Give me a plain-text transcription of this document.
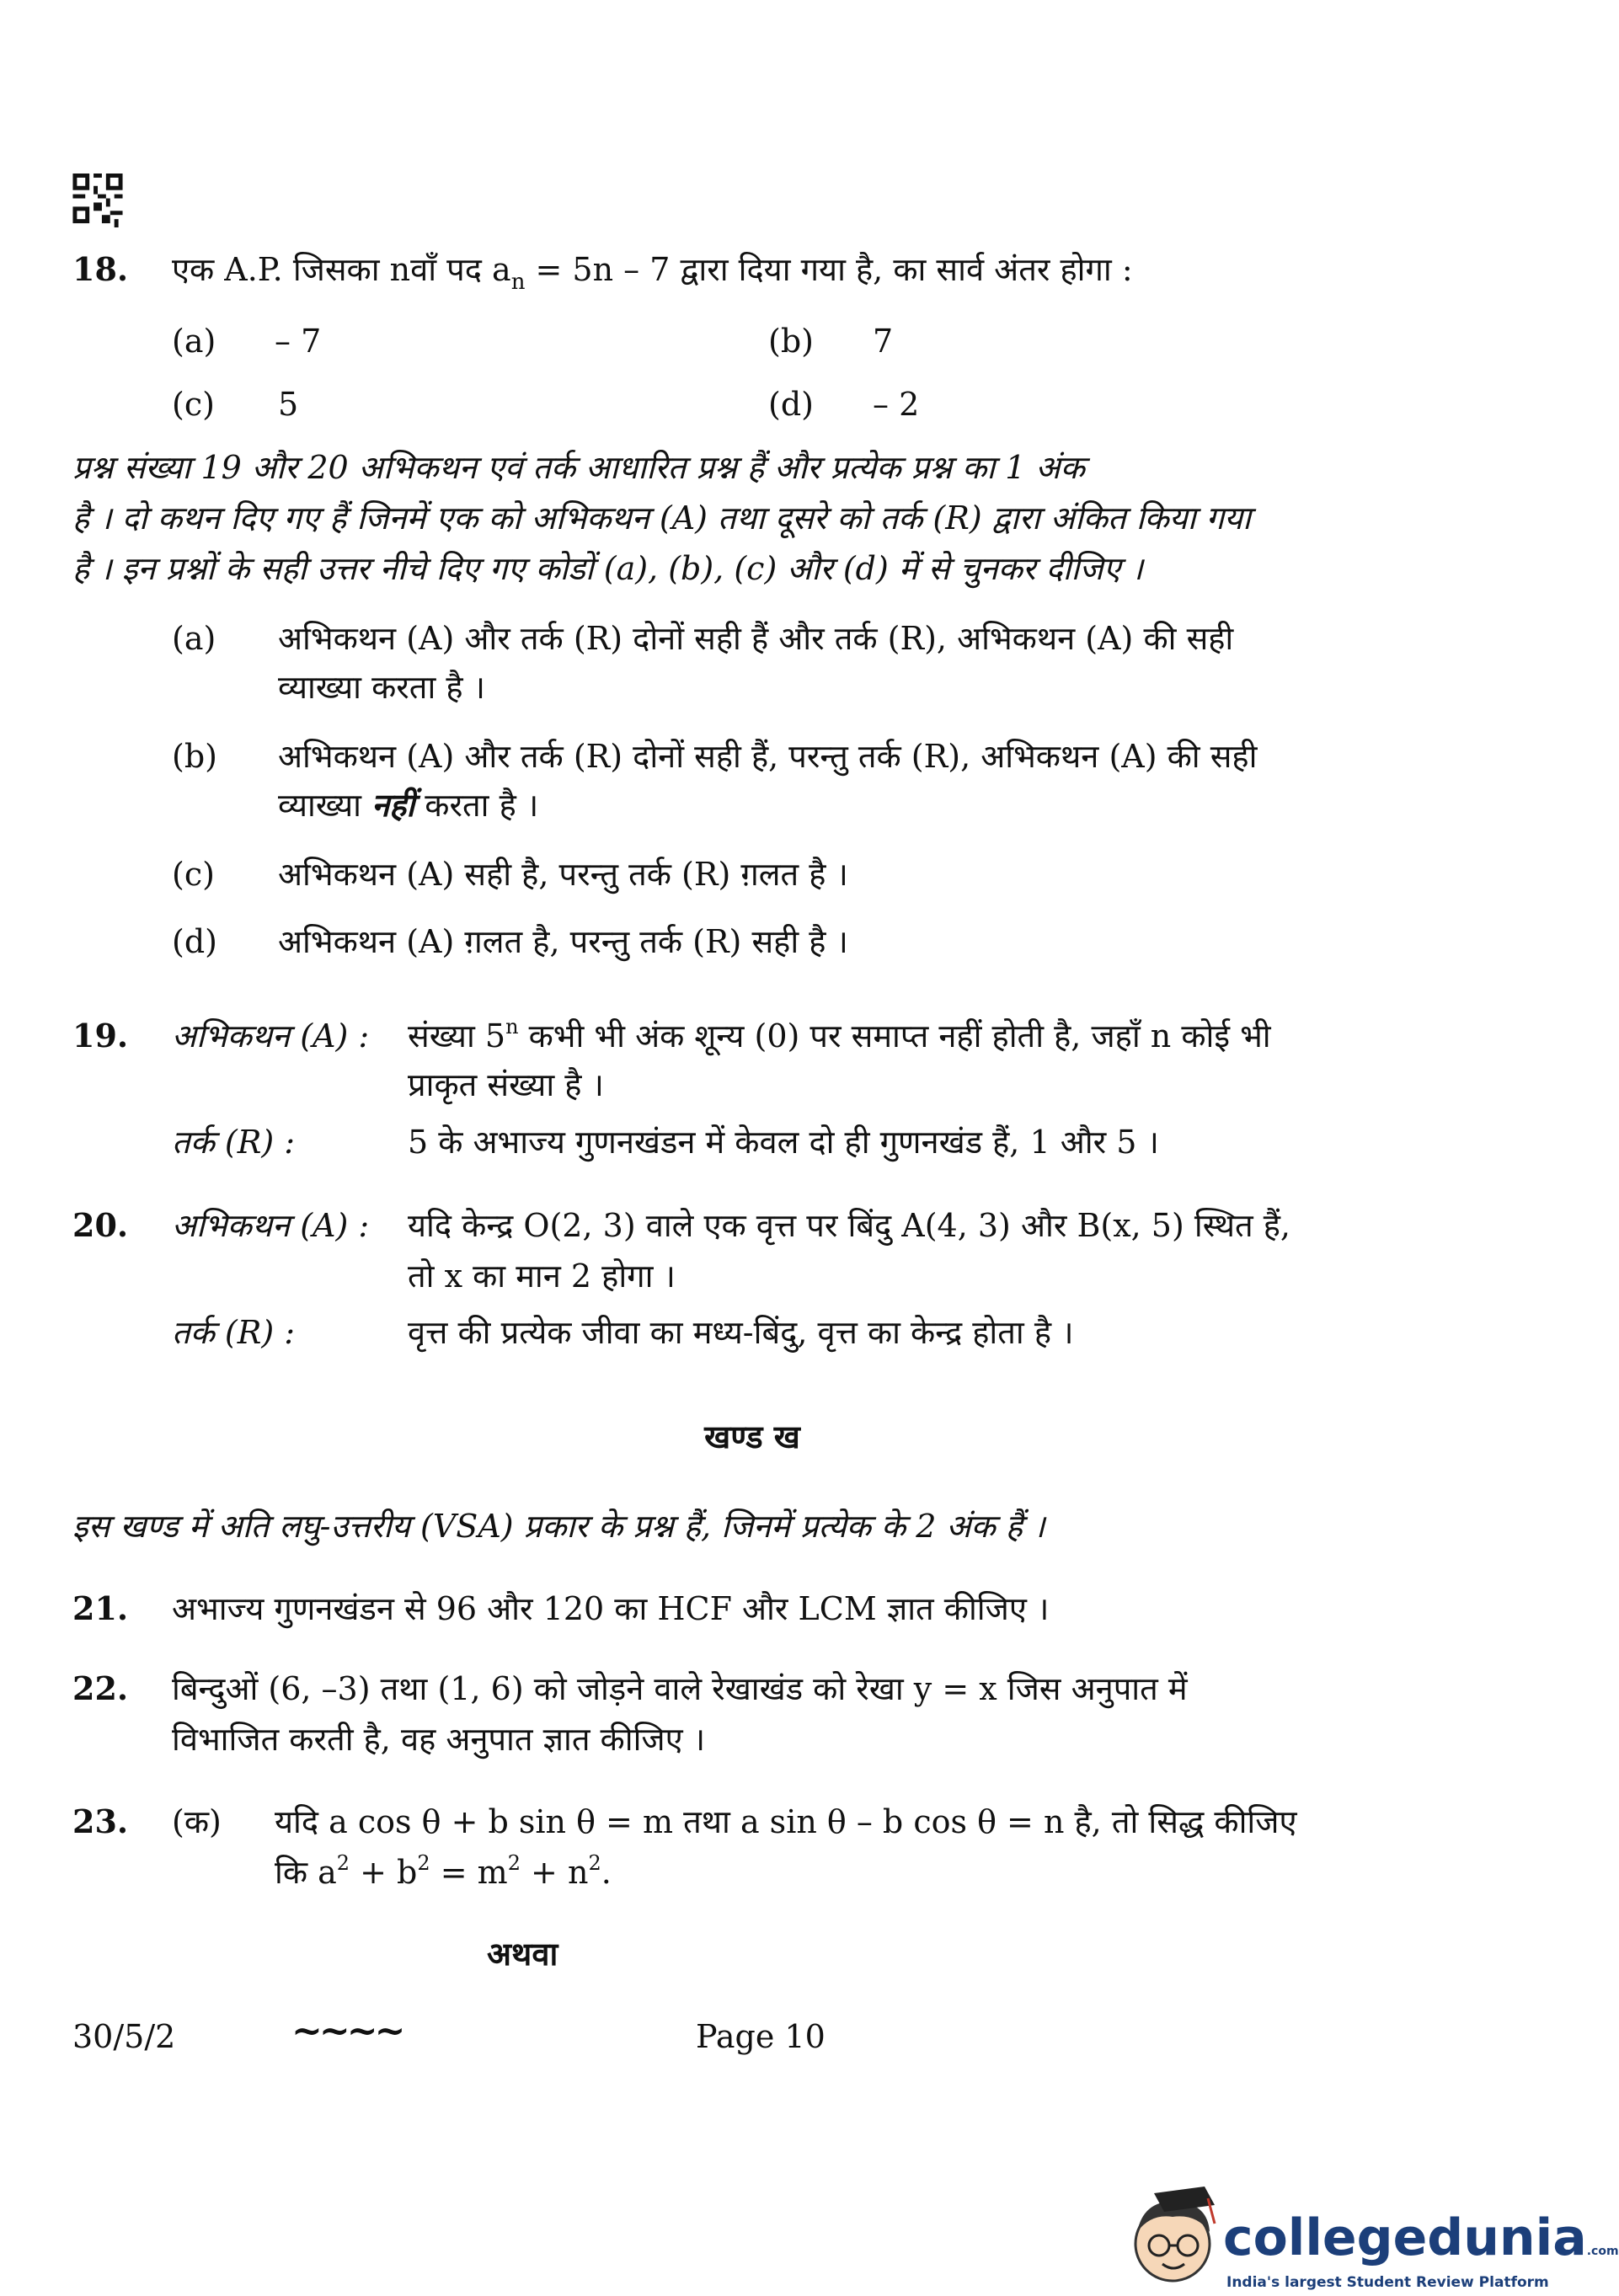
18. एक A.P. जिसका nवाँ पद $a_n = 5n - 7$ द्वारा दिया गया है, का सार्व अंतर होगा :
(a) – 7	(b) 7
(c) 5	(d) – 2
प्रश्न संख्या 19 और 20 अभिकथन एवं तर्क आधारित प्रश्न हैं और प्रत्येक प्रश्न का 1 अंक
है । दो कथन दिए गए हैं जिनमें एक को अभिकथन (A) तथा दूसरे को तर्क (R) द्वारा अंकित किया गया
है । इन प्रश्नों के सही उत्तर नीचे दिए गए कोडों (a), (b), (c) और (d) में से चुनकर दीजिए ।
(a) अभिकथन (A) और तर्क (R) दोनों सही हैं और तर्क (R), अभिकथन (A) की सही
व्याख्या करता है ।
(b) अभिकथन (A) और तर्क (R) दोनों सही हैं, परन्तु तर्क (R), अभिकथन (A) की सही
व्याख्या नहीं करता है ।
(c) अभिकथन (A) सही है, परन्तु तर्क (R) ग़लत है ।
(d) अभिकथन (A) ग़लत है, परन्तु तर्क (R) सही है ।
19. अभिकथन (A) : संख्या 5$^n$ कभी भी अंक शून्य (0) पर समाप्त नहीं होती है, जहाँ n कोई भी
प्राकृत संख्या है ।
तर्क (R) :	5 के अभाज्य गुणनखंडन में केवल दो ही गुणनखंड हैं, 1 और 5 ।
20. अभिकथन (A) : यदि केन्द्र O(2, 3) वाले एक वृत्त पर बिंदु A(4, 3) और B(x, 5) स्थित हैं,
तो x का मान 2 होगा ।
तर्क (R) :	वृत्त की प्रत्येक जीवा का मध्य-बिंदु, वृत्त का केन्द्र होता है ।
खण्ड ख
इस खण्ड में अति लघु-उत्तरीय (VSA) प्रकार के प्रश्न हैं, जिनमें प्रत्येक के 2 अंक हैं ।
21. अभाज्य गुणनखंडन से 96 और 120 का HCF और LCM ज्ञात कीजिए ।
22. बिन्दुओं (6, –3) तथा (1, 6) को जोड़ने वाले रेखाखंड को रेखा y = x जिस अनुपात में
विभाजित करती है, वह अनुपात ज्ञात कीजिए ।
23. (क) यदि a cos θ + b sin θ = m तथा a sin θ – b cos θ = n है, तो सिद्ध कीजिए
कि $a^2 + b^2 = m^2 + n^2$.
अथवा
30/5/2	~~~~	Page 10
collegedunia.com
India's largest Student Review Platform
